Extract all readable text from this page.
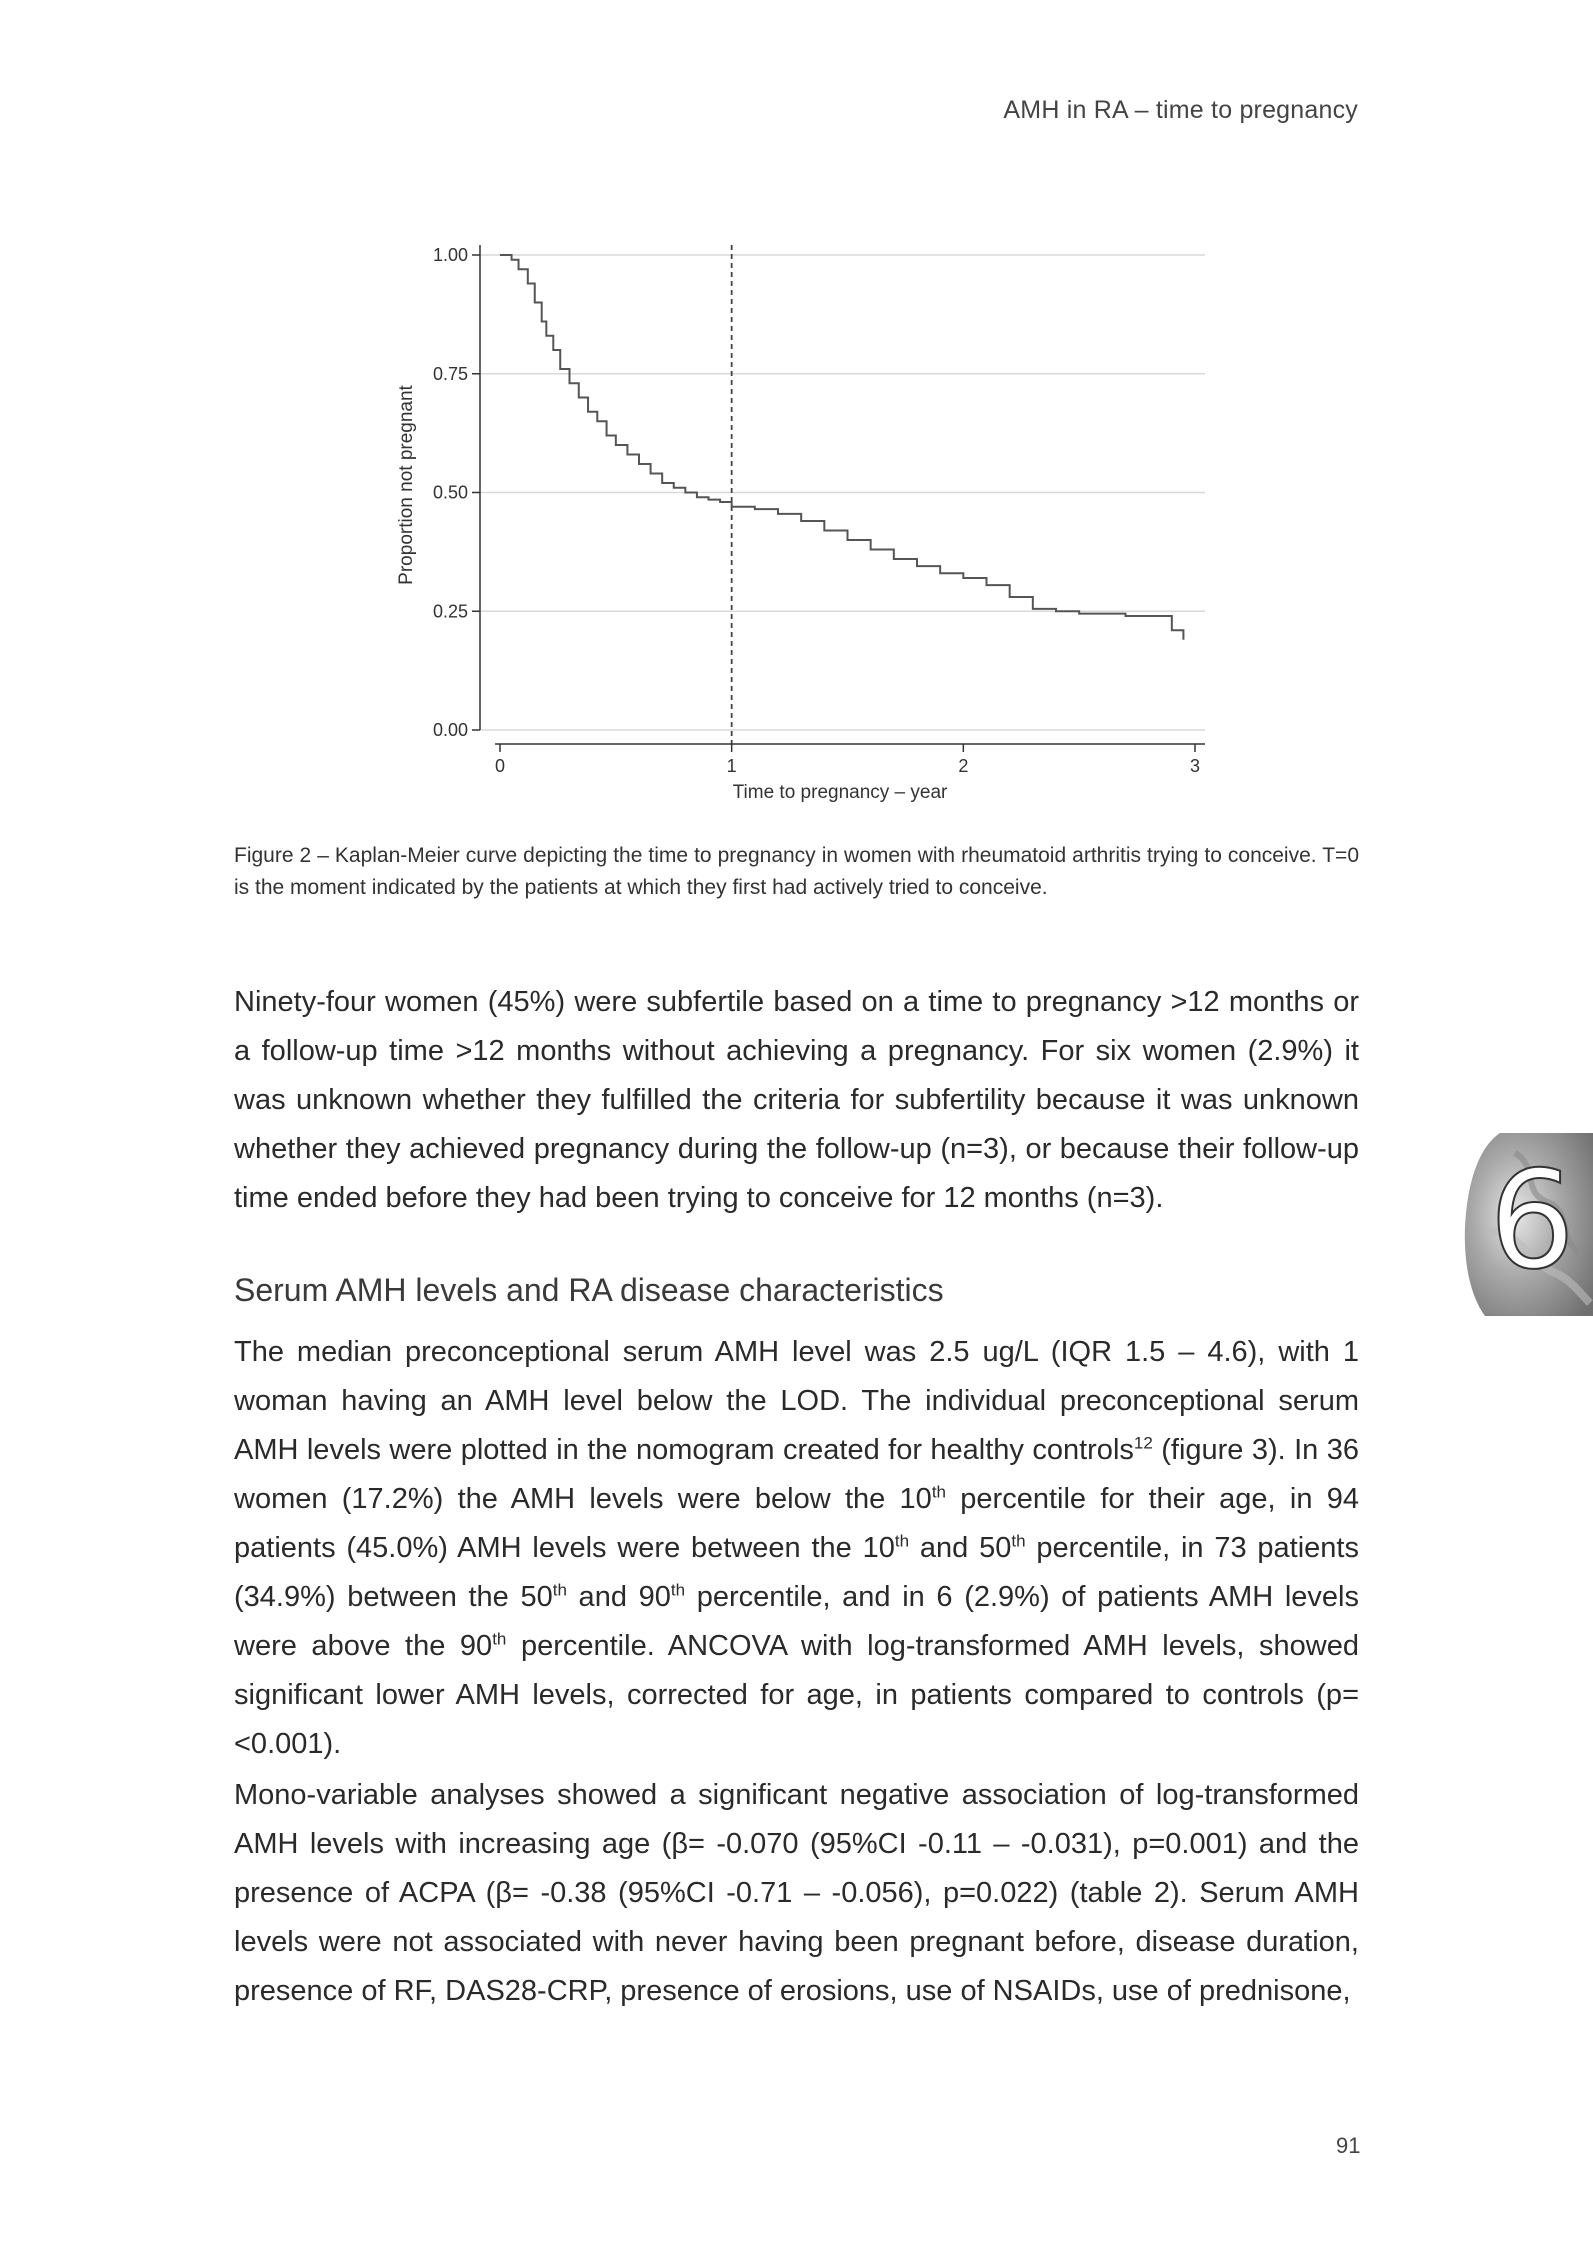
AMH in RA – time to pregnancy
0.00
0.25
0.50
0.75
1.00
0	1	2	3
Time to pregnancy – year
Proportion not pregnant
Figure 2 – Kaplan-Meier curve depicting the time to pregnancy in women with rheumatoid arthritis trying to conceive. T=0 is the moment indicated by the patients at which they first had actively tried to conceive.

Ninety-four women (45%) were subfertile based on a time to pregnancy >12 months or a follow-up time >12 months without achieving a pregnancy. For six women (2.9%) it was unknown whether they fulfilled the criteria for subfertility because it was unknown whether they achieved pregnancy during the follow-up (n=3), or because their follow-up time ended before they had been trying to conceive for 12 months (n=3).

Serum AMH levels and RA disease characteristics

The median preconceptional serum AMH level was 2.5 ug/L (IQR 1.5 – 4.6), with 1 woman having an AMH level below the LOD. The individual preconceptional serum AMH levels were plotted in the nomogram created for healthy controls$^{12}$ (figure 3). In 36 women (17.2%) the AMH levels were below the 10th percentile for their age, in 94 patients (45.0%) AMH levels were between the 10th and 50th percentile, in 73 patients (34.9%) between the 50th and 90th percentile, and in 6 (2.9%) of patients AMH levels were above the 90th percentile. ANCOVA with log-transformed AMH levels, showed significant lower AMH levels, corrected for age, in patients compared to controls (p=<0.001).

Mono-variable analyses showed a significant negative association of log-transformed AMH levels with increasing age (β= -0.070 (95%CI -0.11 – -0.031), p=0.001) and the presence of ACPA (β= -0.38 (95%CI -0.71 – -0.056), p=0.022) (table 2). Serum AMH levels were not associated with never having been pregnant before, disease duration, presence of RF, DAS28-CRP, presence of erosions, use of NSAIDs, use of prednisone,

6
91
